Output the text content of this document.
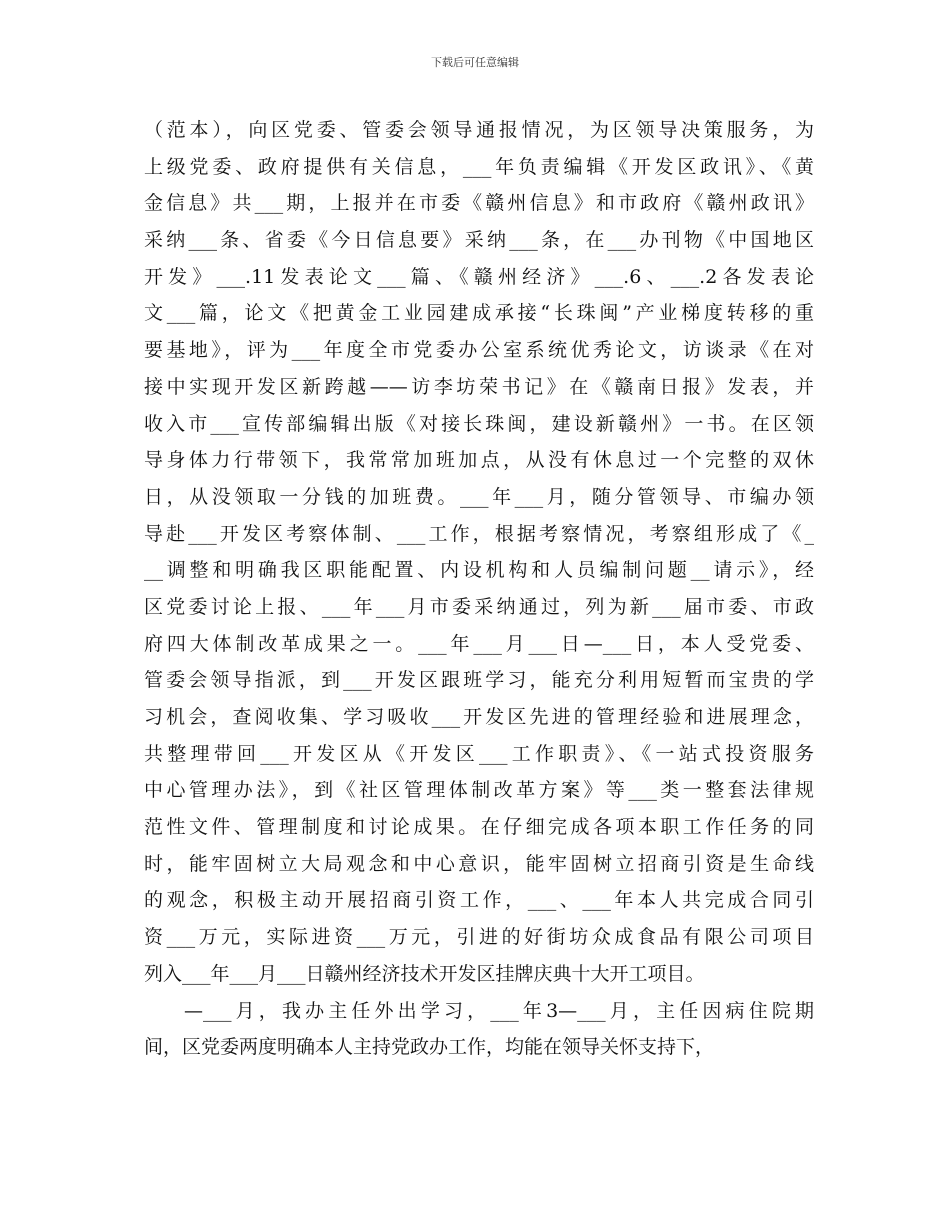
下载后可任意编辑
（范本），向区党委、管委会领导通报情况，为区领导决策服务，为
上级党委、政府提供有关信息，___年负责编辑《开发区政讯》、《黄
金信息》共___期，上报并在市委《赣州信息》和市政府《赣州政讯》
采纳___条、省委《今日信息要》采纳___条，在___办刊物《中国地区
开发》___.11发表论文___篇、《赣州经济》___.6、___.2各发表论
文___篇，论文《把黄金工业园建成承接“长珠闽”产业梯度转移的重
要基地》，评为___年度全市党委办公室系统优秀论文，访谈录《在对
接中实现开发区新跨越——访李坊荣书记》在《赣南日报》发表，并
收入市___宣传部编辑出版《对接长珠闽，建设新赣州》一书。在区领
导身体力行带领下，我常常加班加点，从没有休息过一个完整的双休
日，从没领取一分钱的加班费。___年___月，随分管领导、市编办领
导赴___开发区考察体制、___工作，根据考察情况，考察组形成了《_
__调整和明确我区职能配置、内设机构和人员编制问题__请示》，经
区党委讨论上报、___年___月市委采纳通过，列为新___届市委、市政
府四大体制改革成果之一。___年___月___日—___日，本人受党委、
管委会领导指派，到___开发区跟班学习，能充分利用短暂而宝贵的学
习机会，查阅收集、学习吸收___开发区先进的管理经验和进展理念，
共整理带回___开发区从《开发区___工作职责》、《一站式投资服务
中心管理办法》，到《社区管理体制改革方案》等___类一整套法律规
范性文件、管理制度和讨论成果。在仔细完成各项本职工作任务的同
时，能牢固树立大局观念和中心意识，能牢固树立招商引资是生命线
的观念，积极主动开展招商引资工作，___、___年本人共完成合同引
资___万元，实际进资___万元，引进的好街坊众成食品有限公司项目
列入___年___月___日赣州经济技术开发区挂牌庆典十大开工项目。
—___月，我办主任外出学习，___年3—___月，主任因病住院期
间，区党委两度明确本人主持党政办工作，均能在领导关怀支持下，
